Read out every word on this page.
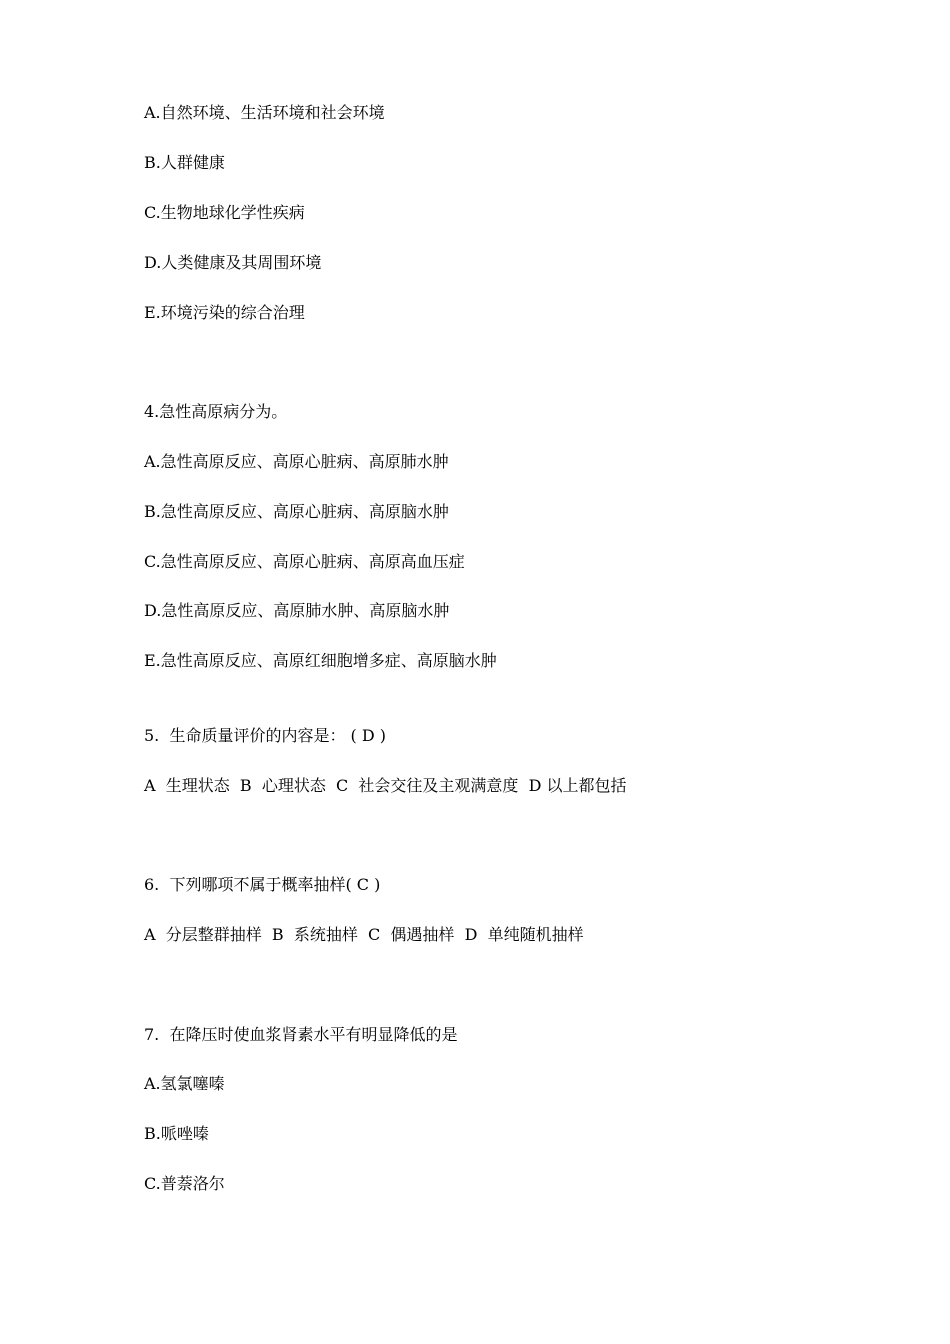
A.自然环境、生活环境和社会环境
B.人群健康
C.生物地球化学性疾病
D.人类健康及其周围环境
E.环境污染的综合治理
4.急性高原病分为。
A.急性高原反应、高原心脏病、高原肺水肿
B.急性高原反应、高原心脏病、高原脑水肿
C.急性高原反应、高原心脏病、高原高血压症
D.急性高原反应、高原肺水肿、高原脑水肿
E.急性高原反应、高原红细胞增多症、高原脑水肿
5.  生命质量评价的内容是： ( D )
A  生理状态  B  心理状态  C  社会交往及主观满意度  D 以上都包括
6.  下列哪项不属于概率抽样( C )
A  分层整群抽样  B  系统抽样  C  偶遇抽样  D  单纯随机抽样
7.  在降压时使血浆肾素水平有明显降低的是
A.氢氯噻嗪
B.哌唑嗪
C.普萘洛尔
